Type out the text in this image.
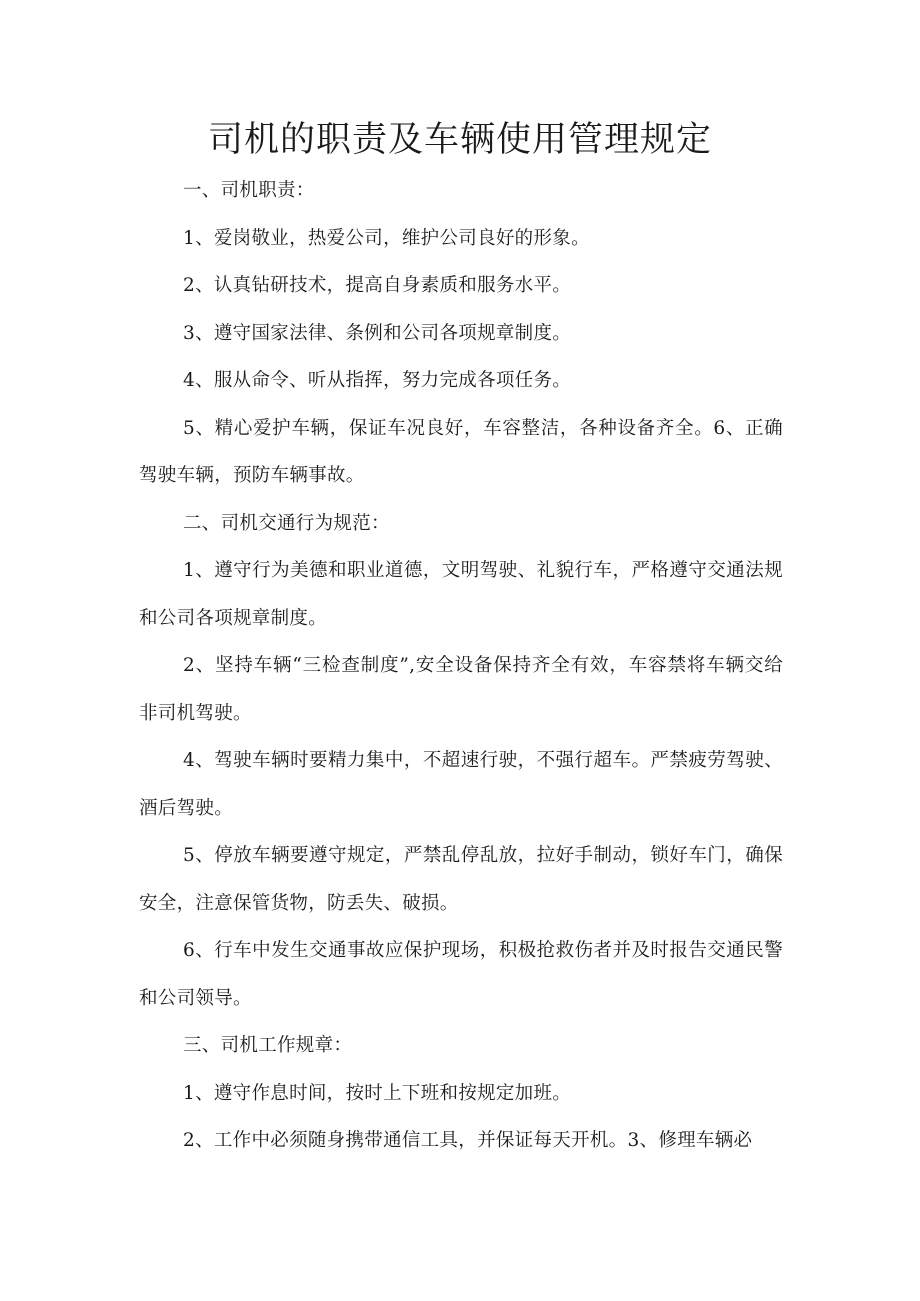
司机的职责及车辆使用管理规定

一、司机职责：

1、爱岗敬业，热爱公司，维护公司良好的形象。

2、认真钻研技术，提高自身素质和服务水平。

3、遵守国家法律、条例和公司各项规章制度。

4、服从命令、听从指挥，努力完成各项任务。

5、精心爱护车辆，保证车况良好，车容整洁，各种设备齐全。6、正确驾驶车辆，预防车辆事故。

二、司机交通行为规范：

1、遵守行为美德和职业道德，文明驾驶、礼貌行车，严格遵守交通法规和公司各项规章制度。

2、坚持车辆“三检查制度”,安全设备保持齐全有效，车容禁将车辆交给非司机驾驶。

4、驾驶车辆时要精力集中，不超速行驶，不强行超车。严禁疲劳驾驶、酒后驾驶。

5、停放车辆要遵守规定，严禁乱停乱放，拉好手制动，锁好车门，确保安全，注意保管货物，防丢失、破损。

6、行车中发生交通事故应保护现场，积极抢救伤者并及时报告交通民警和公司领导。

三、司机工作规章：

1、遵守作息时间，按时上下班和按规定加班。

2、工作中必须随身携带通信工具，并保证每天开机。3、修理车辆必
